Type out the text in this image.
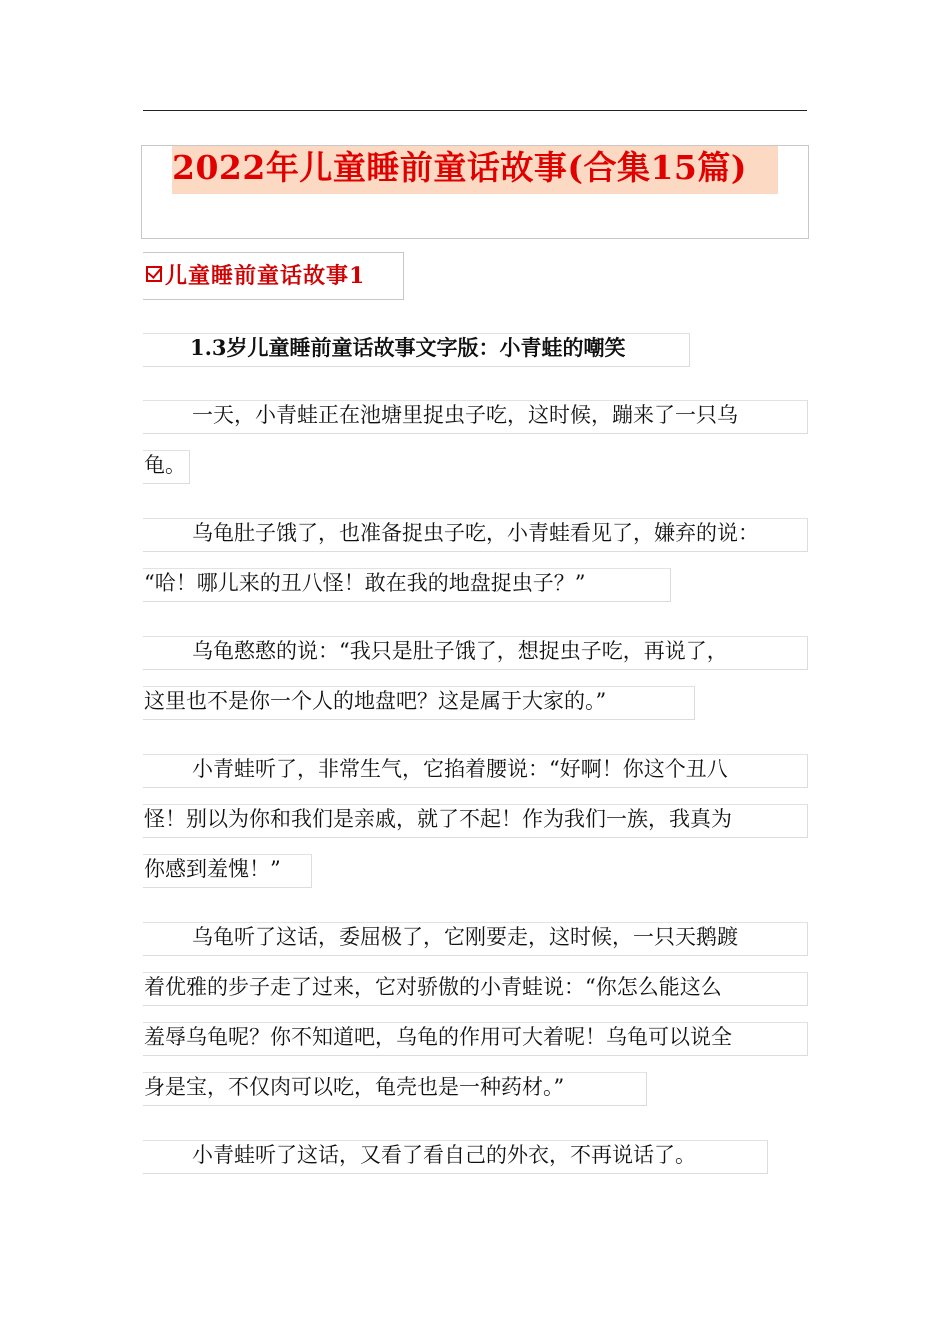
2022年儿童睡前童话故事(合集15篇)
儿童睡前童话故事1
1.3岁儿童睡前童话故事文字版：小青蛙的嘲笑
一天，小青蛙正在池塘里捉虫子吃，这时候，蹦来了一只乌
龟。
乌龟肚子饿了，也准备捉虫子吃，小青蛙看见了，嫌弃的说：
“哈！哪儿来的丑八怪！敢在我的地盘捉虫子？”
乌龟憨憨的说：“我只是肚子饿了，想捉虫子吃，再说了，
这里也不是你一个人的地盘吧？这是属于大家的。”
小青蛙听了，非常生气，它掐着腰说：“好啊！你这个丑八
怪！别以为你和我们是亲戚，就了不起！作为我们一族，我真为
你感到羞愧！”
乌龟听了这话，委屈极了，它刚要走，这时候，一只天鹅踱
着优雅的步子走了过来，它对骄傲的小青蛙说：“你怎么能这么
羞辱乌龟呢？你不知道吧，乌龟的作用可大着呢！乌龟可以说全
身是宝，不仅肉可以吃，龟壳也是一种药材。”
小青蛙听了这话，又看了看自己的外衣，不再说话了。
